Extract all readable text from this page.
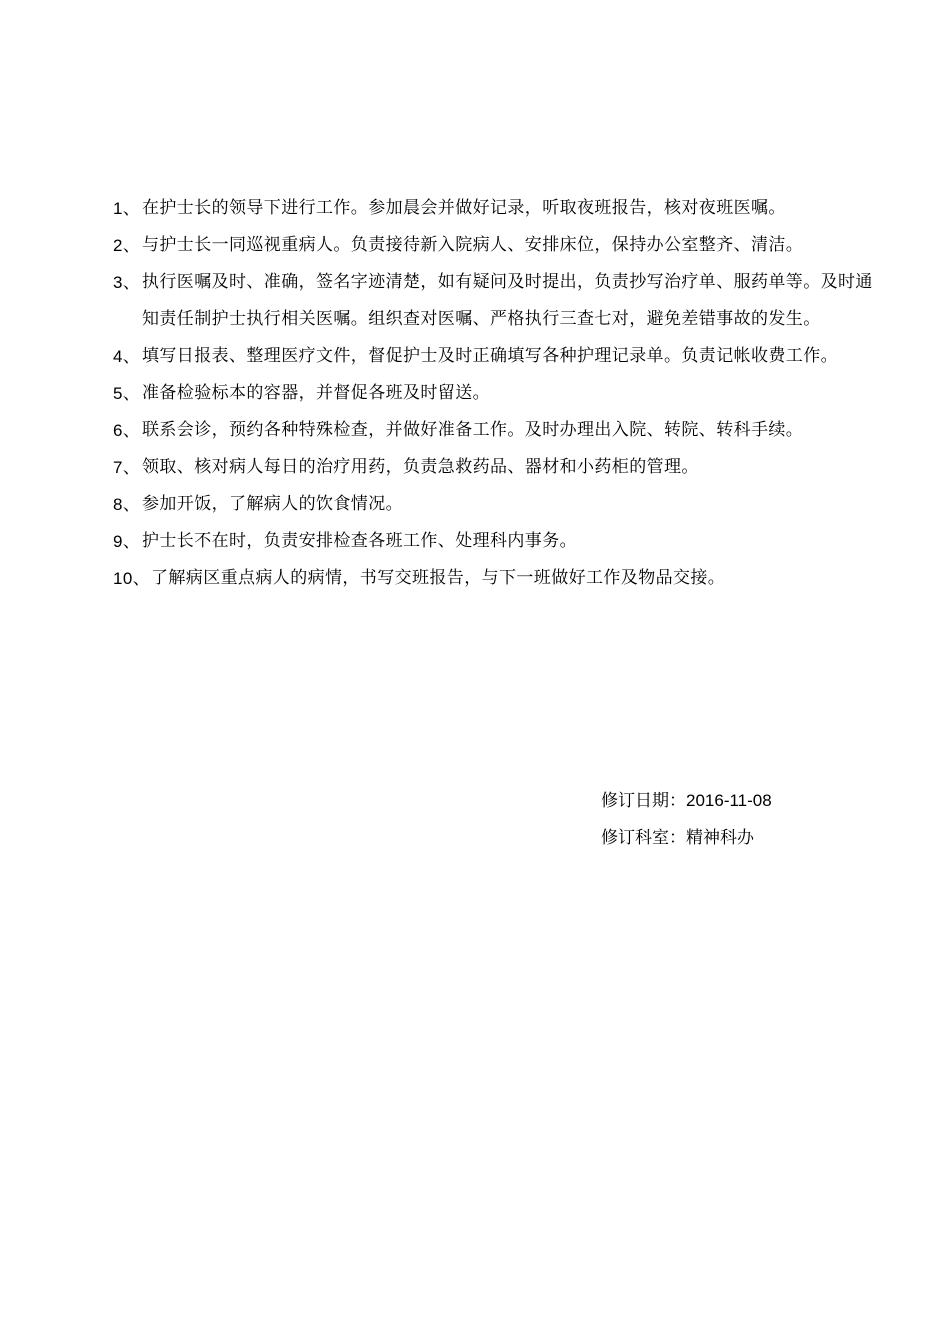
1、 在护士长的领导下进行工作。参加晨会并做好记录，听取夜班报告，核对夜班医嘱。
2、 与护士长一同巡视重病人。负责接待新入院病人、安排床位，保持办公室整齐、清洁。
3、 执行医嘱及时、准确，签名字迹清楚，如有疑问及时提出，负责抄写治疗单、服药单等。及时通知责任制护士执行相关医嘱。组织查对医嘱、严格执行三查七对，避免差错事故的发生。
4、 填写日报表、整理医疗文件，督促护士及时正确填写各种护理记录单。负责记帐收费工作。
5、 准备检验标本的容器，并督促各班及时留送。
6、 联系会诊，预约各种特殊检查，并做好准备工作。及时办理出入院、转院、转科手续。
7、 领取、核对病人每日的治疗用药，负责急救药品、器材和小药柜的管理。
8、 参加开饭，了解病人的饮食情况。
9、 护士长不在时，负责安排检查各班工作、处理科内事务。
10、 了解病区重点病人的病情，书写交班报告，与下一班做好工作及物品交接。
修订日期：2016-11-08
修订科室：精神科办
